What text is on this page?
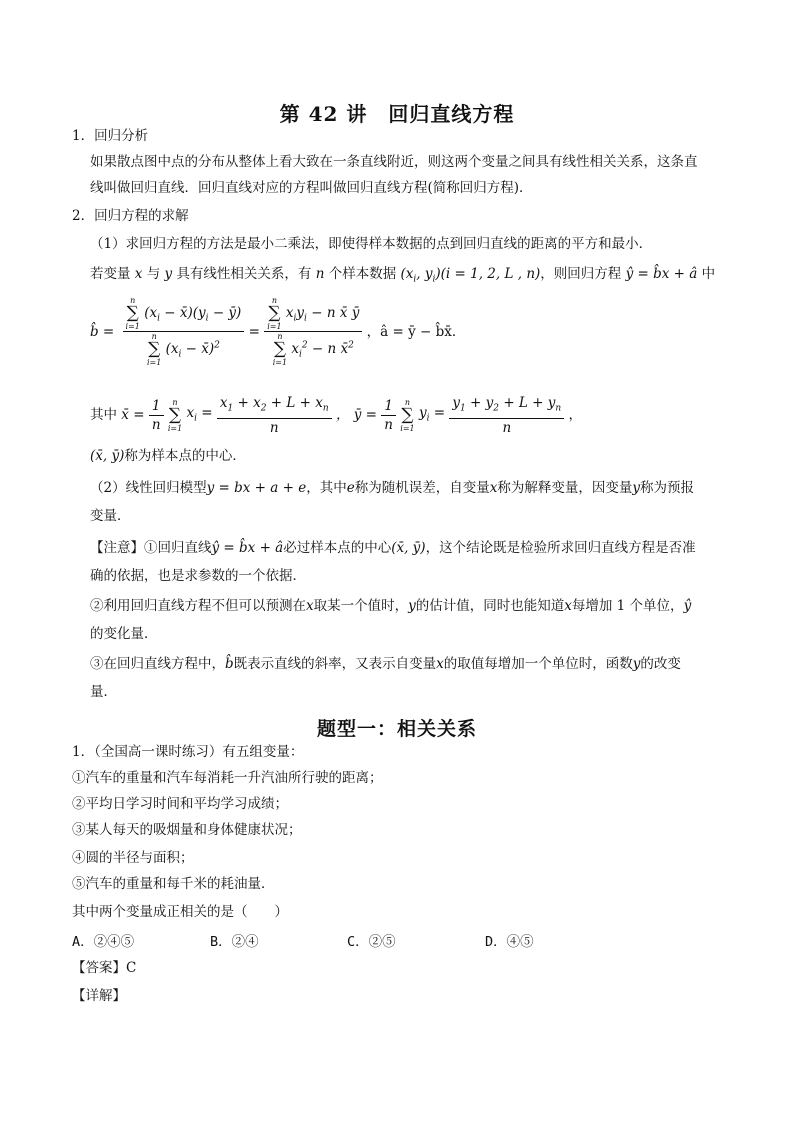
第 42 讲　回归直线方程
1．回归分析
如果散点图中点的分布从整体上看大致在一条直线附近，则这两个变量之间具有线性相关关系，这条直
线叫做回归直线．回归直线对应的方程叫做回归直线方程(简称回归方程)．
2．回归方程的求解
（1）求回归方程的方法是最小二乘法，即使得样本数据的点到回归直线的距离的平方和最小．
若变量 x 与 y 具有线性相关关系，有 n 个样本数据 ($x_i$, $y_i)(i = 1$, 2, L , n)，则回归方程 ŷ = b̂x + â 中
b̂ = n
∑
i=1
($x_i$ − $x̄)(y_i$ − ȳ)
n
∑
i=1
($x_i$ − x̄)$^2$ = n
∑
i=1
$x_iy_i - n$ x̄ ȳ
n
∑
i=1
$x_i^2 - n$ x̄$^2$ ，â = ȳ − b̂x̄．
其中 x̄ = $\frac{1}{n}$
	n
∑
i=1
$x_i = \frac{x_1 + x_2 + L + x_n}{n}$ ， ȳ = $\frac{1}{n}$
	n
∑
i=1
$y_i = \frac{y_1 + y_2 + L + y_n}{n}$ ，
(x̄, ȳ)称为样本点的中心．
（2）线性回归模型y = bx + a + e，其中e称为随机误差，自变量x称为解释变量，因变量y称为预报
变量．
【注意】①回归直线ŷ = b̂x + â必过样本点的中心(x̄, ȳ)，这个结论既是检验所求回归直线方程是否准
确的依据，也是求参数的一个依据．
②利用回归直线方程不但可以预测在x取某一个值时，y的估计值，同时也能知道x每增加 1 个单位，ŷ
的变化量．
③在回归直线方程中，b̂既表示直线的斜率，又表示自变量x的取值每增加一个单位时，函数y的改变
量．
题型一：相关关系
1．（全国高一课时练习）有五组变量：
①汽车的重量和汽车每消耗一升汽油所行驶的距离；
②平均日学习时间和平均学习成绩；
③某人每天的吸烟量和身体健康状况；
④圆的半径与面积；
⑤汽车的重量和每千米的耗油量．
其中两个变量成正相关的是（　　）
A．②④⑤	B．②④	C．②⑤	D．④⑤
【答案】C
【详解】
